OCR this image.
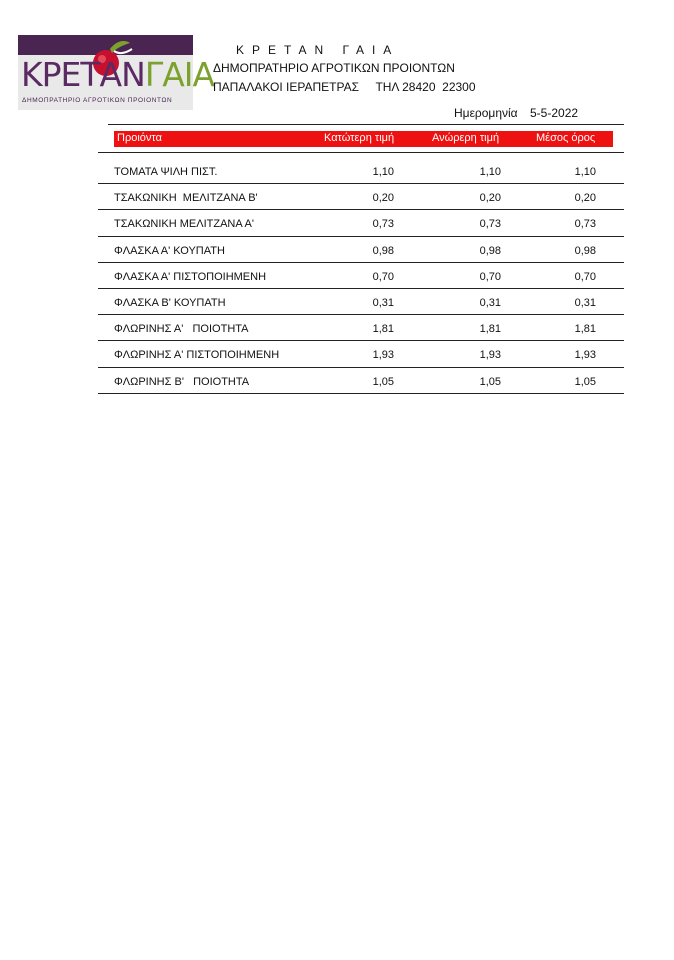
ΚΡΕΤΑΝΓΑΙΑ
ΔΗΜΟΠΡΑΤΗΡΙΟ ΑΓΡΟΤΙΚΩΝ ΠΡΟΙΟΝΤΩΝ
ΚΡΕΤΑΝ ΓΑΙΑ
ΔΗΜΟΠΡΑΤΗΡΙΟ ΑΓΡΟΤΙΚΩΝ ΠΡΟΙΟΝΤΩΝ
ΠΑΠΑΛΑΚΟΙ ΙΕΡΑΠΕΤΡΑΣ     ΤΗΛ 28420  22300
Ημερομηνία 5-5-2022
Προιόντα	Κατώτερη τιμή	Ανώρερη τιμή	Μέσος όρος
ΤΟΜΑΤΑ ΨΙΛΗ ΠΙΣΤ.	1,10	1,10	1,10
ΤΣΑΚΩΝΙΚΗ  ΜΕΛΙΤΖΑΝΑ Β'	0,20	0,20	0,20
ΤΣΑΚΩΝΙΚΗ ΜΕΛΙΤΖΑΝΑ Α'	0,73	0,73	0,73
ΦΛΑΣΚΑ Α' ΚΟΥΠΑΤΗ	0,98	0,98	0,98
ΦΛΑΣΚΑ Α' ΠΙΣΤΟΠΟΙΗΜΕΝΗ	0,70	0,70	0,70
ΦΛΑΣΚΑ Β' ΚΟΥΠΑΤΗ	0,31	0,31	0,31
ΦΛΩΡΙΝΗΣ Α'   ΠΟΙΟΤΗΤΑ	1,81	1,81	1,81
ΦΛΩΡΙΝΗΣ Α' ΠΙΣΤΟΠΟΙΗΜΕΝΗ	1,93	1,93	1,93
ΦΛΩΡΙΝΗΣ Β'   ΠΟΙΟΤΗΤΑ	1,05	1,05	1,05
